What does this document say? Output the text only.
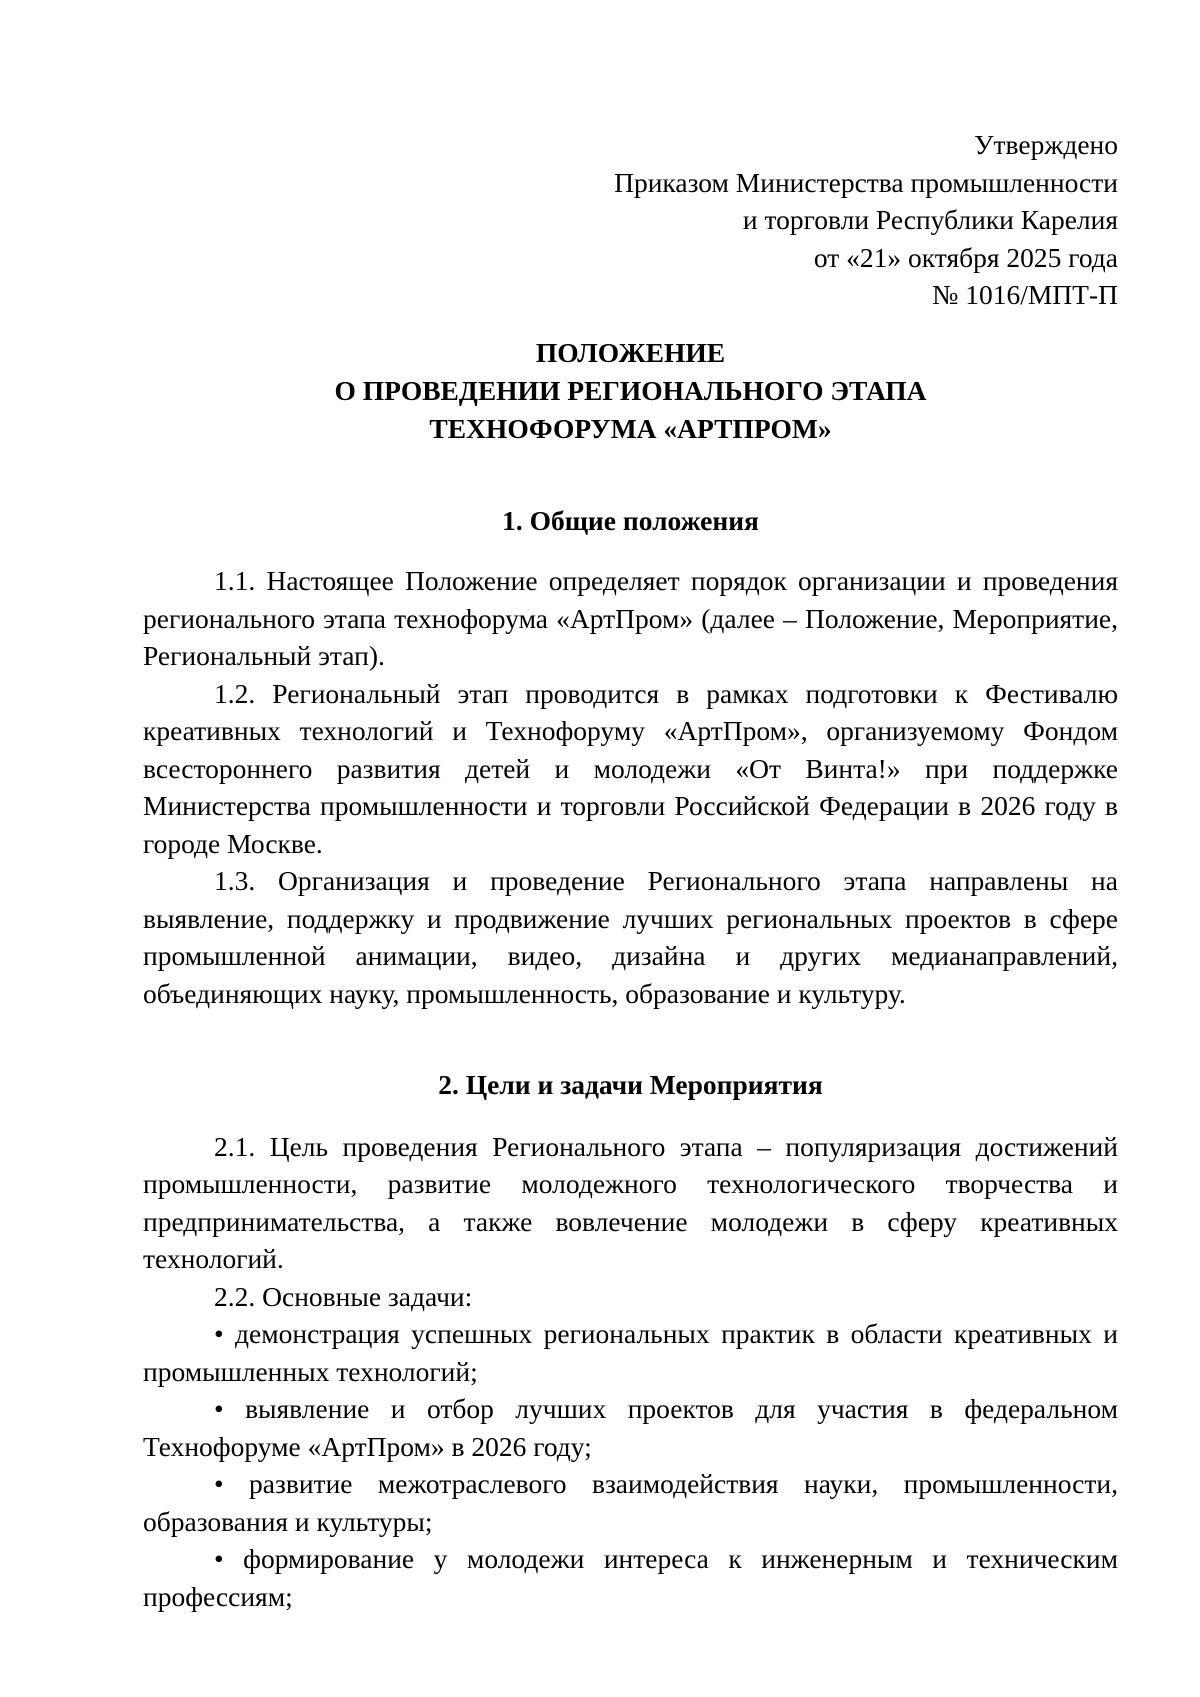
Утверждено
Приказом Министерства промышленности
и торговли Республики Карелия
от «21» октября 2025 года
№ 1016/МПТ-П
ПОЛОЖЕНИЕ
О ПРОВЕДЕНИИ РЕГИОНАЛЬНОГО ЭТАПА
ТЕХНОФОРУМА «АРТПРОМ»
1. Общие положения

1.1. Настоящее Положение определяет порядок организации и проведения регионального этапа технофорума «АртПром» (далее – Положение, Мероприятие, Региональный этап).

1.2. Региональный этап проводится в рамках подготовки к Фестивалю креативных технологий и Технофоруму «АртПром», организуемому Фондом всестороннего развития детей и молодежи «От Винта!» при поддержке Министерства промышленности и торговли Российской Федерации в 2026 году в городе Москве.

1.3. Организация и проведение Регионального этапа направлены на выявление, поддержку и продвижение лучших региональных проектов в сфере промышленной анимации, видео, дизайна и других медианаправлений, объединяющих науку, промышленность, образование и культуру.

2. Цели и задачи Мероприятия

2.1. Цель проведения Регионального этапа – популяризация достижений промышленности, развитие молодежного технологического творчества и предпринимательства, а также вовлечение молодежи в сферу креативных технологий.

2.2. Основные задачи:

• демонстрация успешных региональных практик в области креативных и промышленных технологий;

• выявление и отбор лучших проектов для участия в федеральном Технофоруме «АртПром» в 2026 году;

• развитие межотраслевого взаимодействия науки, промышленности, образования и культуры;

• формирование у молодежи интереса к инженерным и техническим профессиям;
